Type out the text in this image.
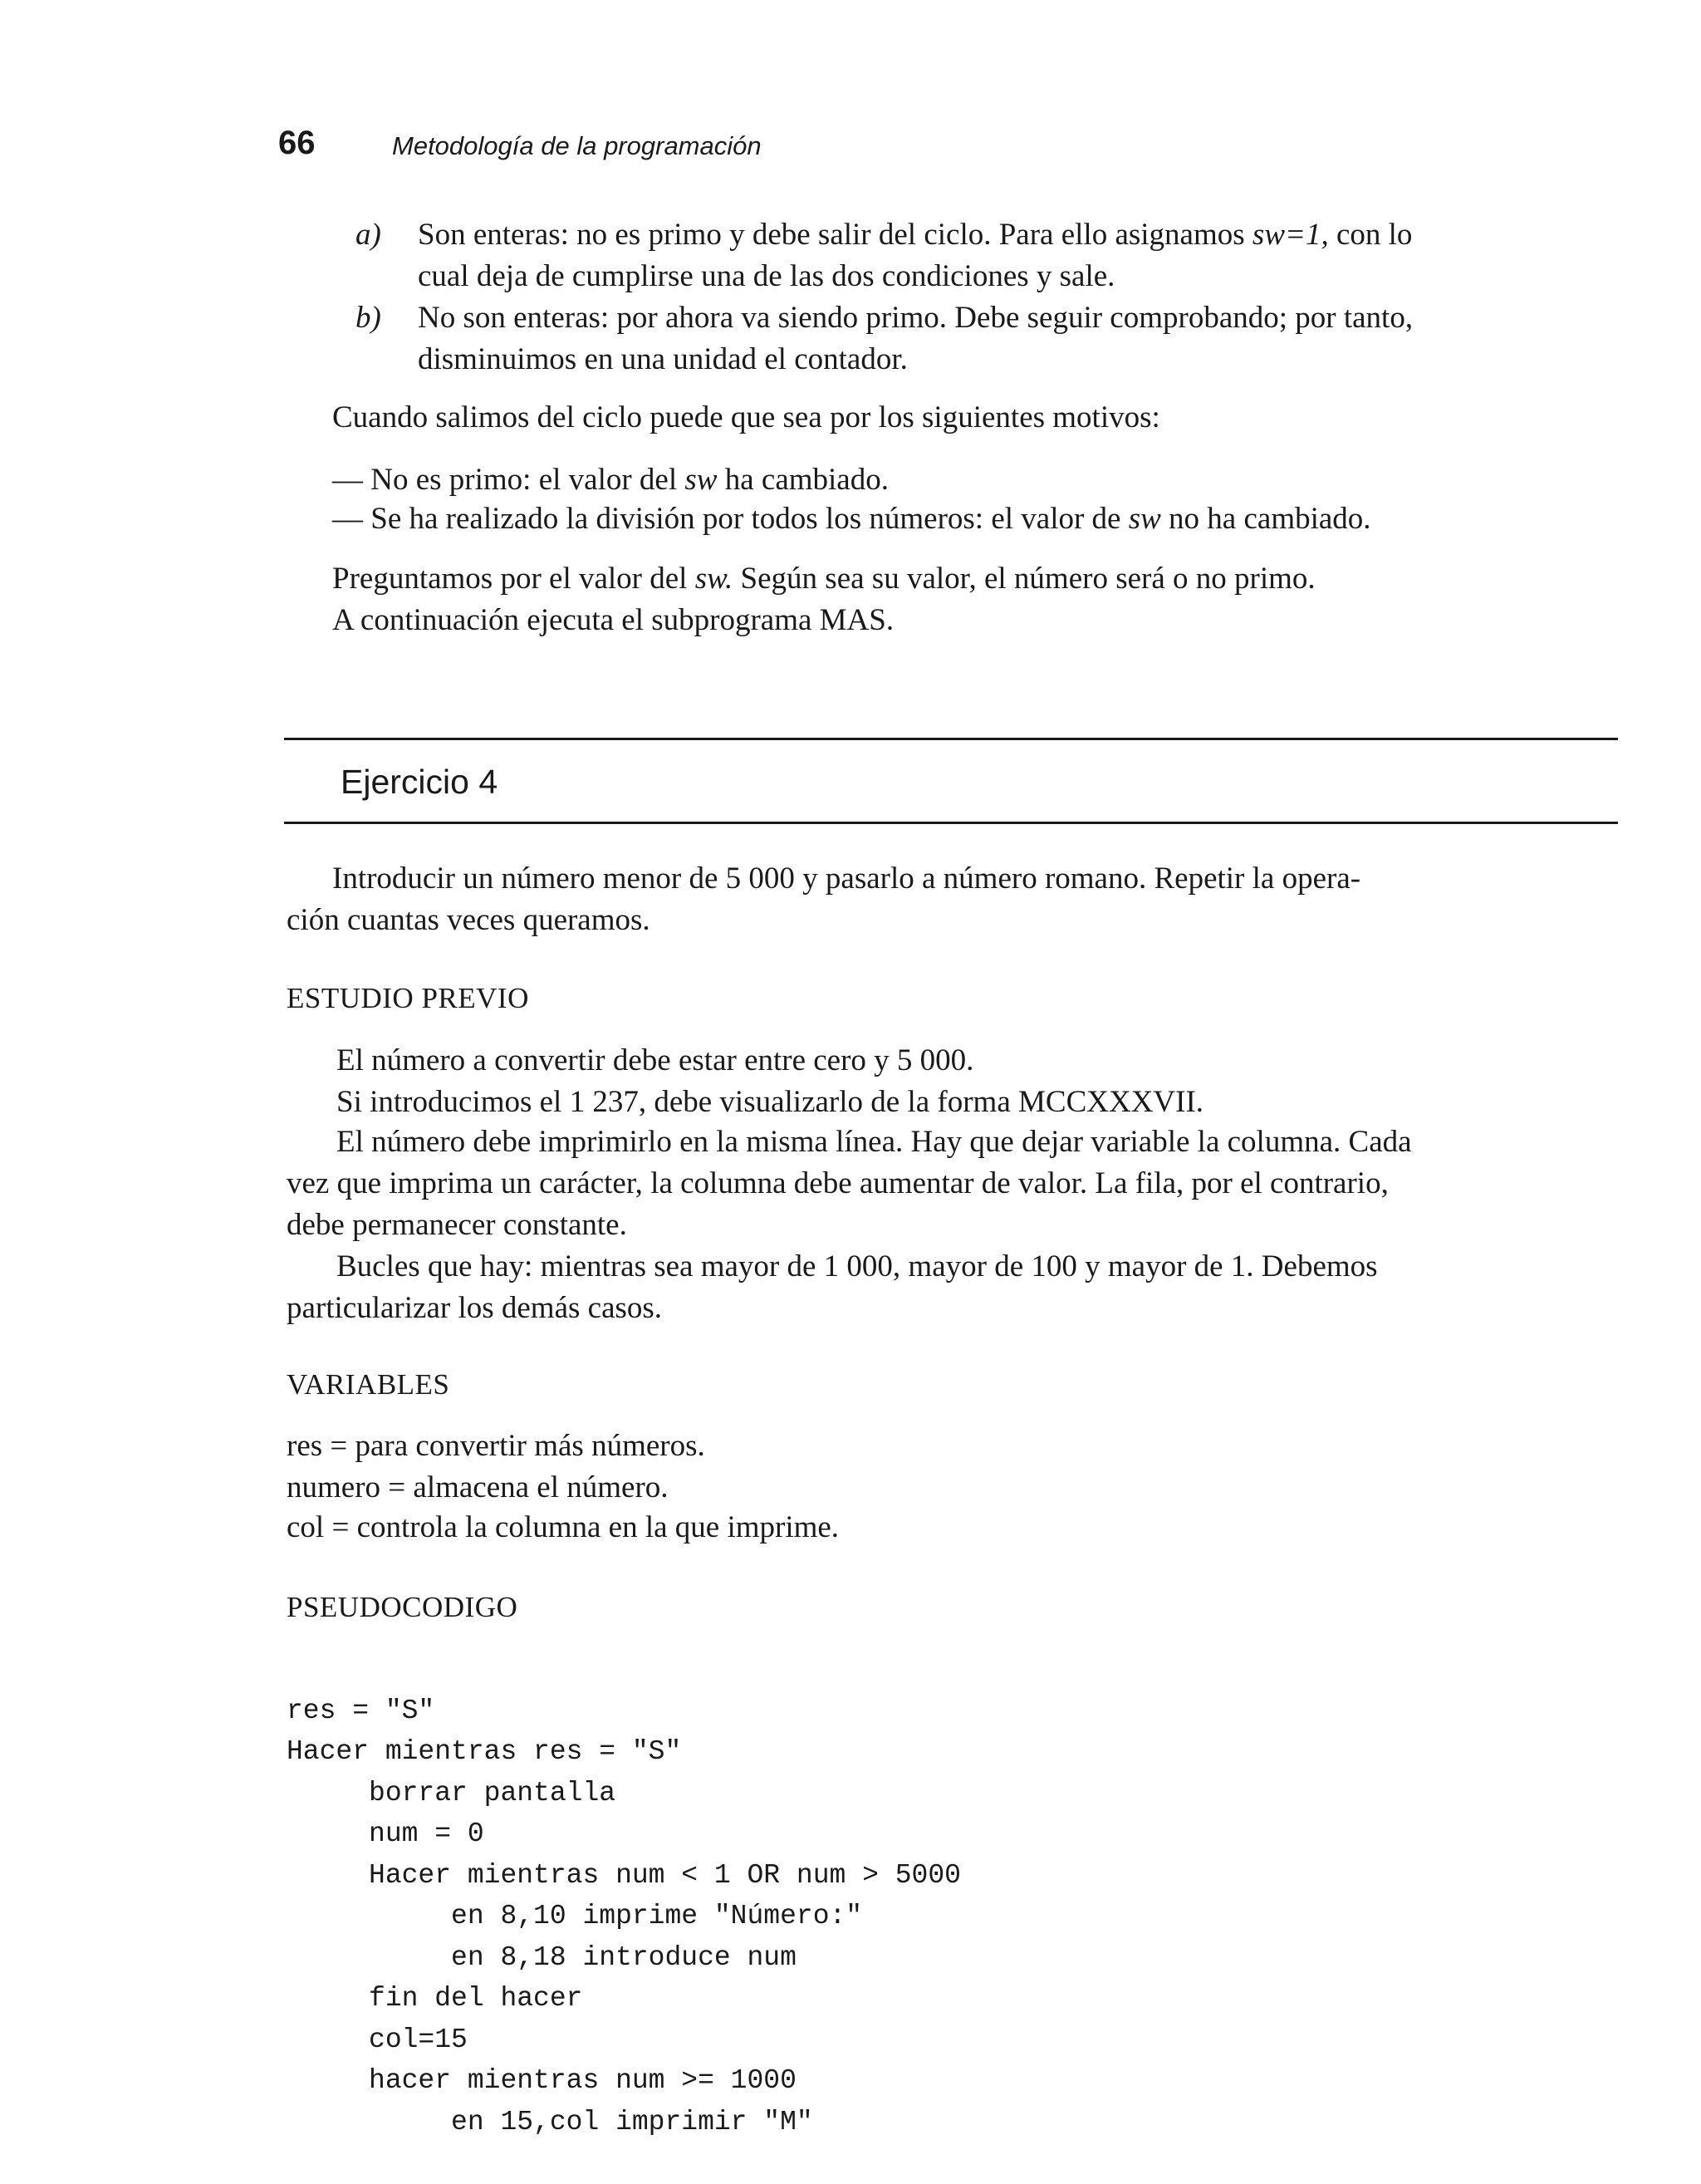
66	Metodología de la programación
a) Son enteras: no es primo y debe salir del ciclo. Para ello asignamos sw=1, con lo
cual deja de cumplirse una de las dos condiciones y sale.
b) No son enteras: por ahora va siendo primo. Debe seguir comprobando; por tanto,
disminuimos en una unidad el contador.
Cuando salimos del ciclo puede que sea por los siguientes motivos:
— No es primo: el valor del sw ha cambiado.
— Se ha realizado la división por todos los números: el valor de sw no ha cambiado.
Preguntamos por el valor del sw. Según sea su valor, el número será o no primo.
A continuación ejecuta el subprograma MAS.
Ejercicio 4
Introducir un número menor de 5 000 y pasarlo a número romano. Repetir la opera-
ción cuantas veces queramos.
ESTUDIO PREVIO
El número a convertir debe estar entre cero y 5 000.
Si introducimos el 1 237, debe visualizarlo de la forma MCCXXXVII.
El número debe imprimirlo en la misma línea. Hay que dejar variable la columna. Cada
vez que imprima un carácter, la columna debe aumentar de valor. La fila, por el contrario,
debe permanecer constante.
Bucles que hay: mientras sea mayor de 1 000, mayor de 100 y mayor de 1. Debemos
particularizar los demás casos.
VARIABLES
res = para convertir más números.
numero = almacena el número.
col = controla la columna en la que imprime.
PSEUDOCODIGO

res = "S"
Hacer mientras res = "S"
borrar pantalla
num = 0
Hacer mientras num < 1 OR num > 5000
en 8,10 imprime "Número:"
en 8,18 introduce num
fin del hacer
col=15
hacer mientras num >= 1000
en 15,col imprimir "M"
